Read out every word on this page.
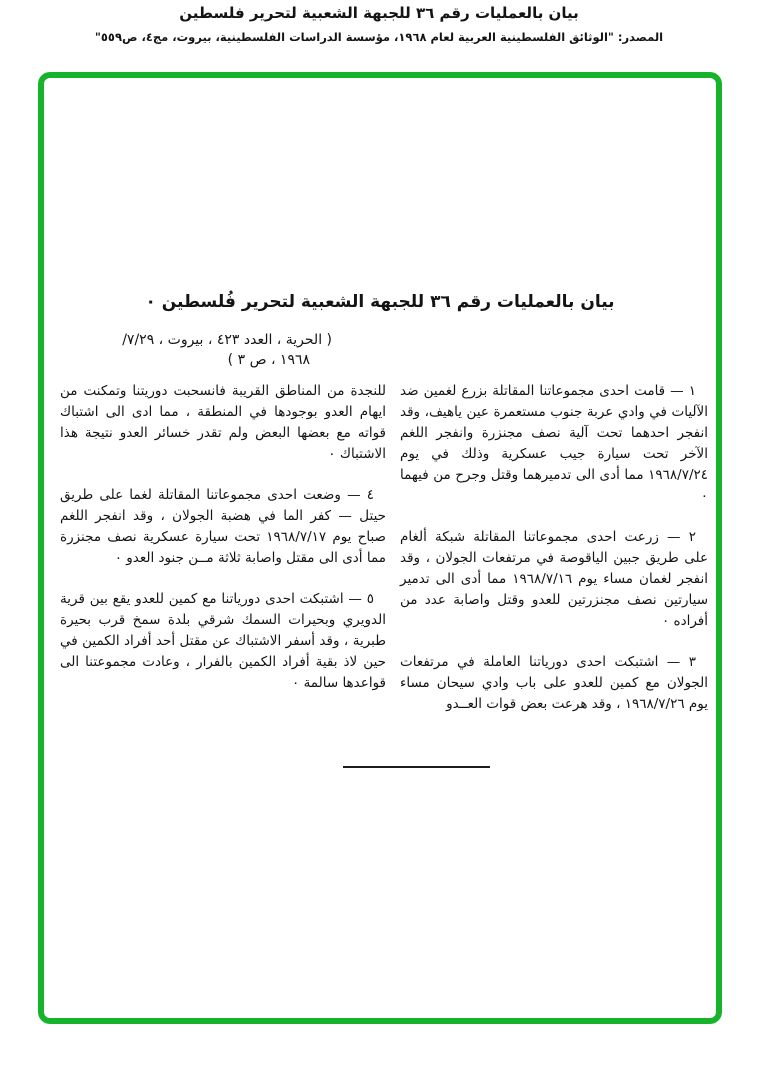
بيان بالعمليات رقم ٣٦ للجبهة الشعبية لتحرير فلسطين
المصدر: "الوثائق الفلسطينية العربية لعام ١٩٦٨، مؤسسة الدراسات الفلسطينية، بيروت، مج٤، ص٥٥٩"
بيان بالعمليات رقم ٣٦ للجبهة الشعبية لتحرير فُلسطين ٠
( الحرية ، العدد ٤٢٣ ، بيروت ، ٢٩‏/‏٧‏/
١٩٦٨ ، ص ٣ )

١ — قامت احدى مجموعاتنا المقاتلة بزرع لغمين ضد الآليات في وادي عربة جنوب مستعمرة عين ياهيف، وقد انفجر احدهما تحت آلية نصف مجنزرة وانفجر اللغم الآخر تحت سيارة جيب عسكرية وذلك في يوم ١٩٦٨/٧/٢٤ مما أدى الى تدميرهما وقتل وجرح من فيهما ٠

٢ — زرعت احدى مجموعاتنا المقاتلة شبكة ألغام على طريق جبين الياقوصة في مرتفعات الجولان ، وقد انفجر لغمان مساء يوم ١٩٦٨/٧/١٦ مما أدى الى تدمير سيارتين نصف مجنزرتين للعدو وقتل واصابة عدد من أفراده ٠

٣ — اشتبكت احدى دورياتنا العاملة في مرتفعات الجولان مع كمين للعدو على باب وادي سيحان مساء يوم ١٩٦٨/٧/٢٦ ، وقد هرعت بعض قوات العــدو

للنجدة من المناطق القريبة فانسحبت دوريتنا وتمكنت من ايهام العدو بوجودها في المنطقة ، مما ادى الى اشتباك قواته مع بعضها البعض ولم تقدر خسائر العدو نتيجة هذا الاشتباك ٠

٤ — وضعت احدى مجموعاتنا المقاتلة لغما على طريق حيتل — كفر الما في هضبة الجولان ، وقد انفجر اللغم صباح يوم ١٩٦٨/٧/١٧ تحت سيارة عسكرية نصف مجنزرة مما أدى الى مقتل واصابة ثلاثة مــن جنود العدو ٠

٥ — اشتبكت احدى دورياتنا مع كمين للعدو يقع بين قرية الدويري وبحيرات السمك شرقي بلدة سمخ قرب بحيرة طبرية ، وقد أسفر الاشتباك عن مقتل أحد أفراد الكمين في حين لاذ بقية أفراد الكمين بالفرار ، وعادت مجموعتنا الى قواعدها سالمة ٠
